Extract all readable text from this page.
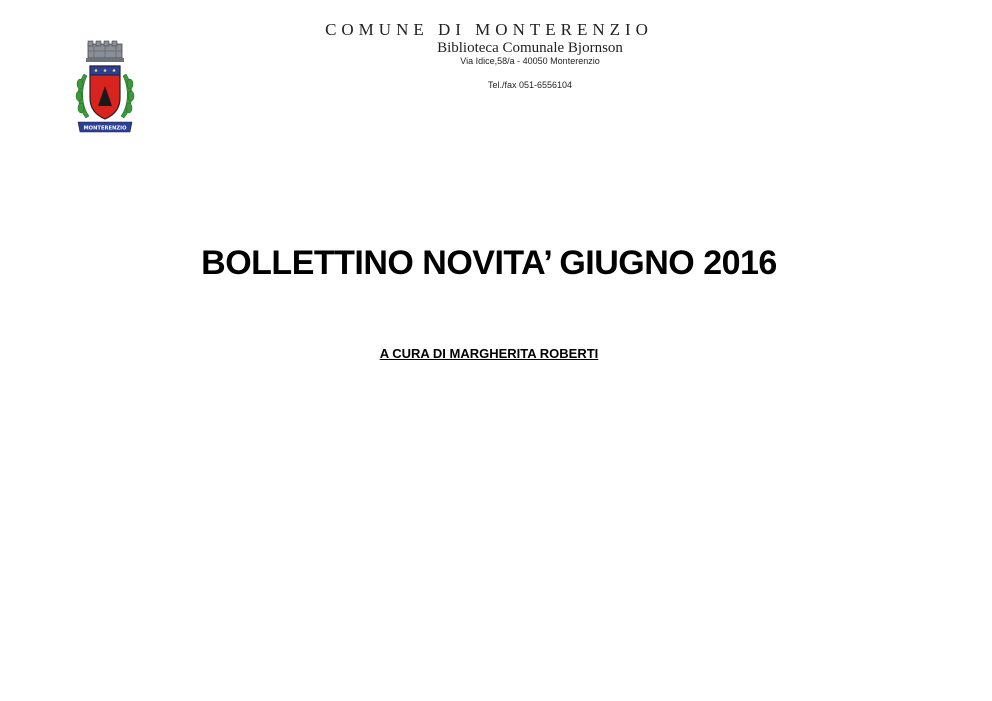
MONTERENZIO
COMUNE DI MONTERENZIO
Biblioteca Comunale Bjornson
Via Idice,58/a - 40050 Monterenzio
Tel./fax 051-6556104
BOLLETTINO NOVITA’ GIUGNO 2016
A CURA DI MARGHERITA ROBERTI
